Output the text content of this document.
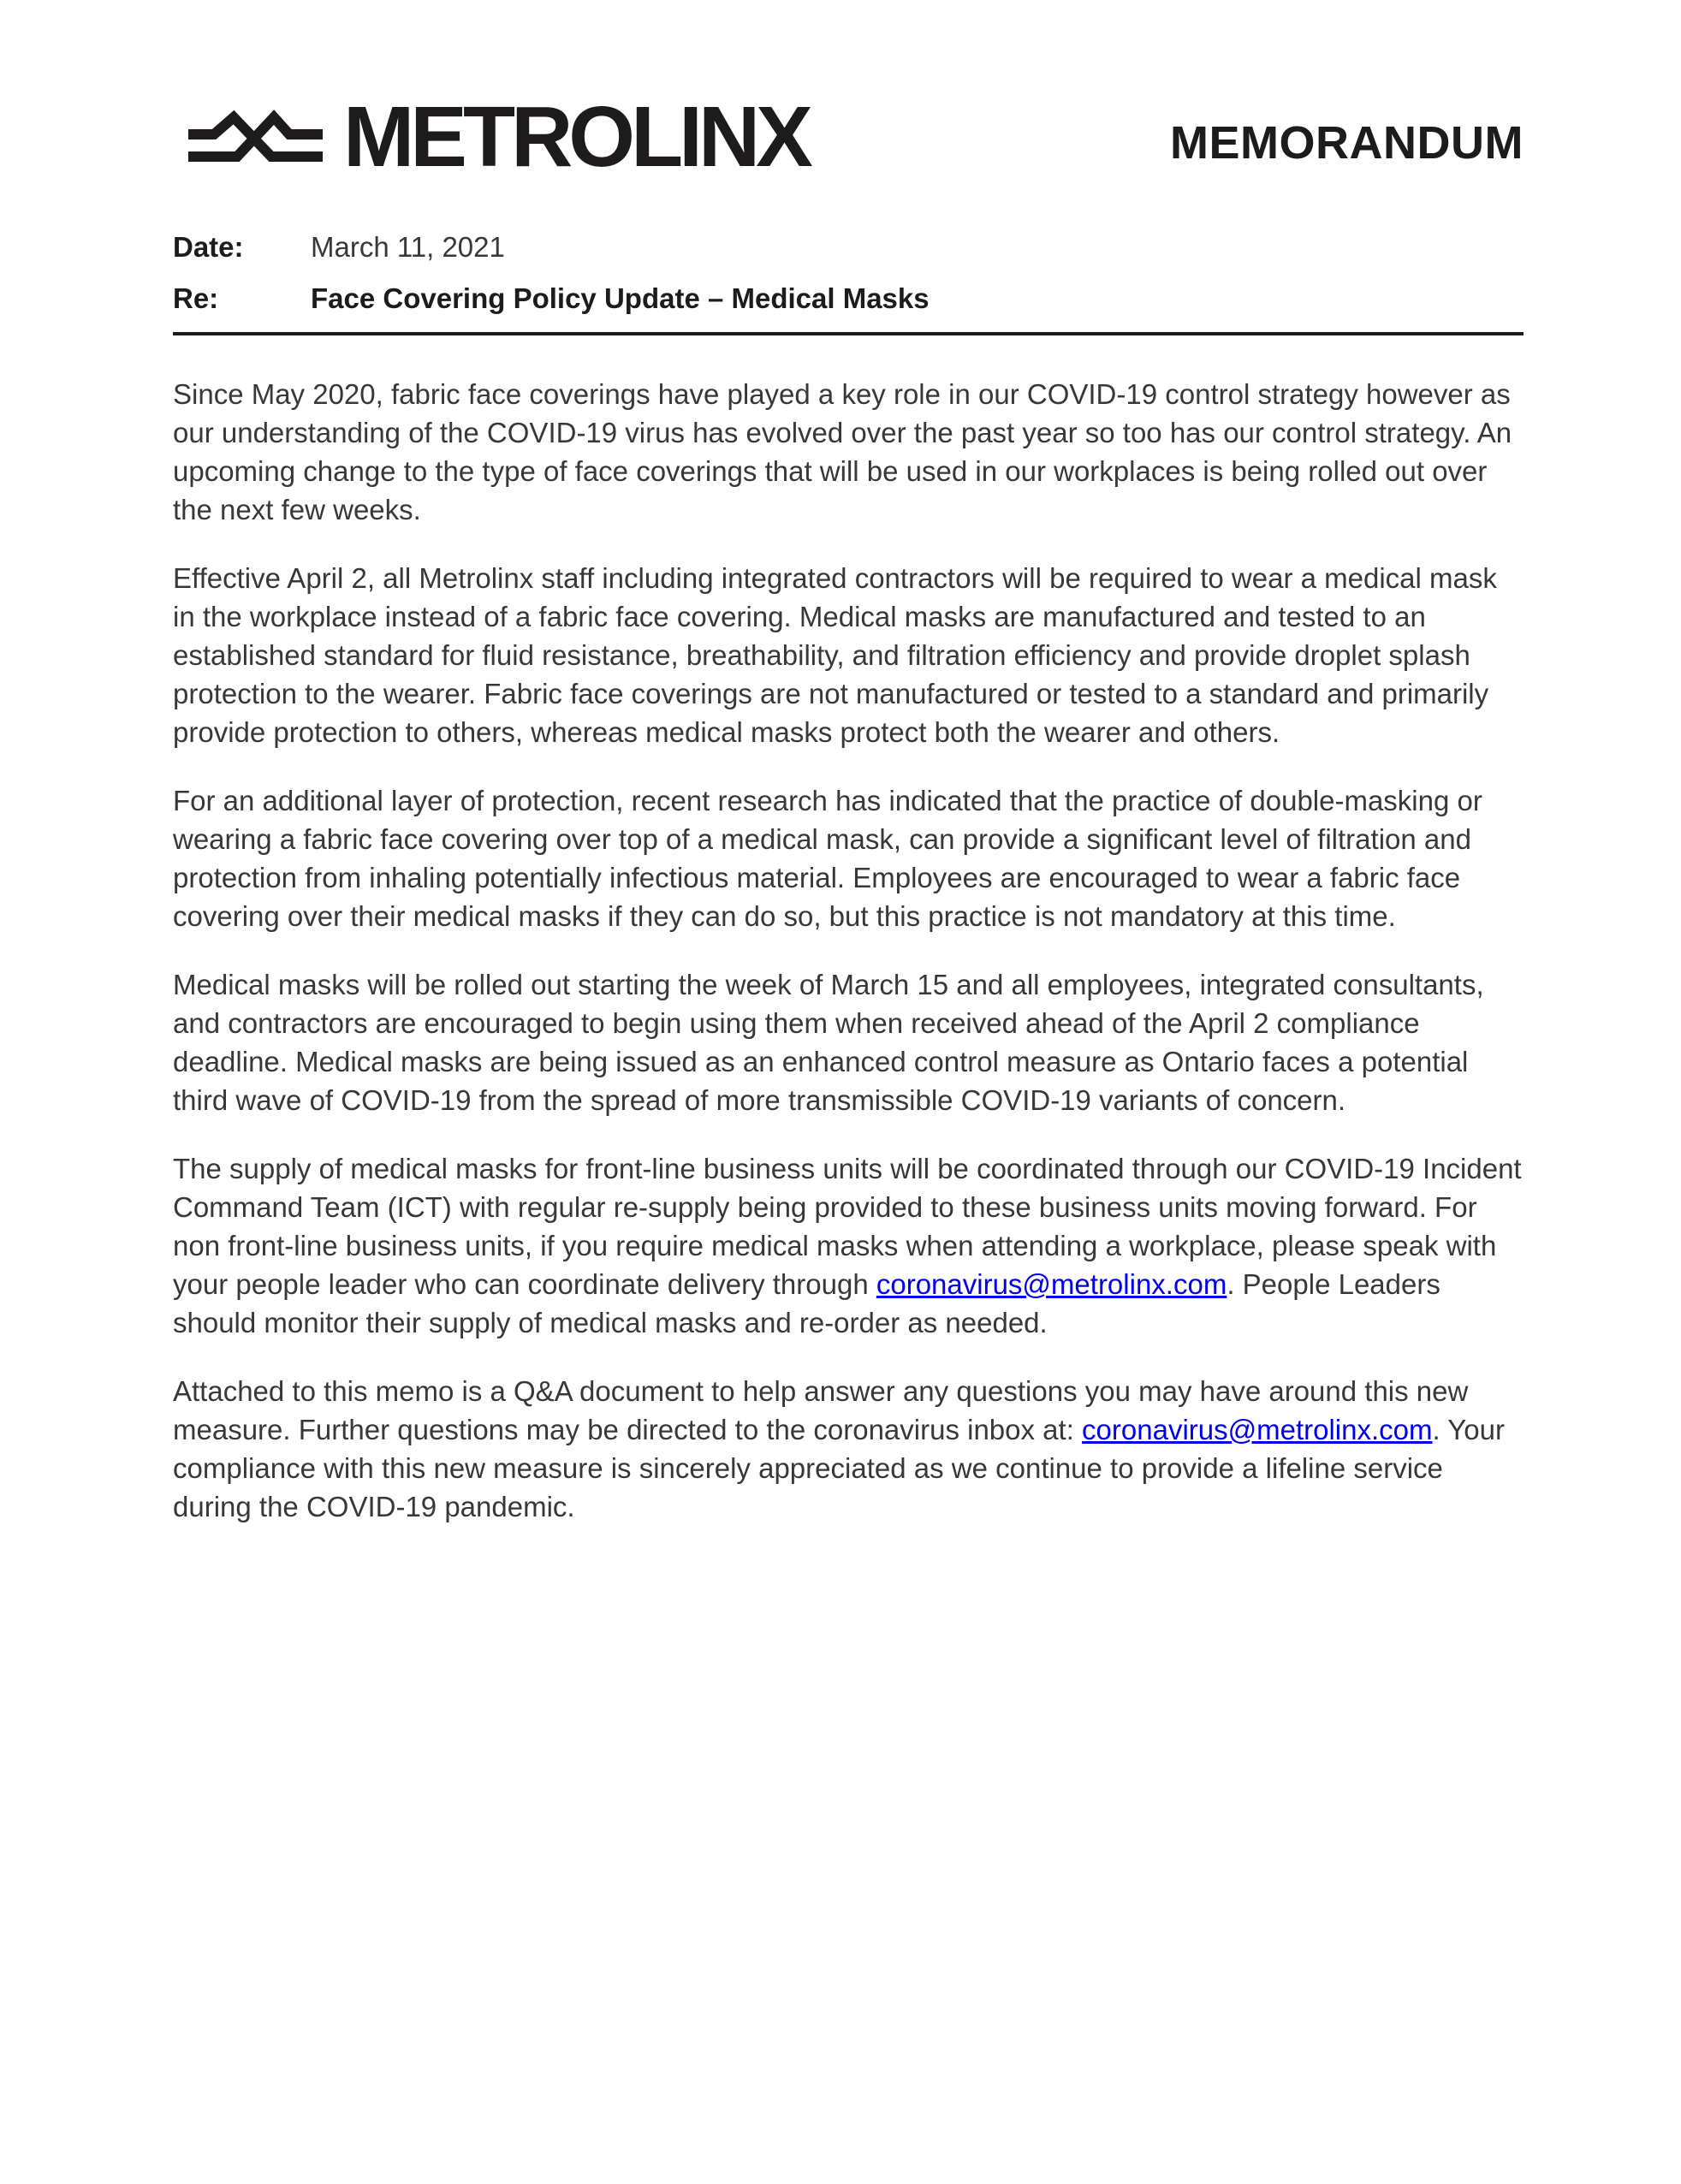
METROLINX	MEMORANDUM
Date:	March 11, 2021
Re:	Face Covering Policy Update – Medical Masks

Since May 2020, fabric face coverings have played a key role in our COVID-19 control strategy however as our understanding of the COVID-19 virus has evolved over the past year so too has our control strategy. An upcoming change to the type of face coverings that will be used in our workplaces is being rolled out over the next few weeks.

Effective April 2, all Metrolinx staff including integrated contractors will be required to wear a medical mask in the workplace instead of a fabric face covering. Medical masks are manufactured and tested to an established standard for fluid resistance, breathability, and filtration efficiency and provide droplet splash protection to the wearer. Fabric face coverings are not manufactured or tested to a standard and primarily provide protection to others, whereas medical masks protect both the wearer and others.

For an additional layer of protection, recent research has indicated that the practice of double-masking or wearing a fabric face covering over top of a medical mask, can provide a significant level of filtration and protection from inhaling potentially infectious material. Employees are encouraged to wear a fabric face covering over their medical masks if they can do so, but this practice is not mandatory at this time.

Medical masks will be rolled out starting the week of March 15 and all employees, integrated consultants, and contractors are encouraged to begin using them when received ahead of the April 2 compliance deadline. Medical masks are being issued as an enhanced control measure as Ontario faces a potential third wave of COVID-19 from the spread of more transmissible COVID-19 variants of concern.

The supply of medical masks for front-line business units will be coordinated through our COVID-19 Incident Command Team (ICT) with regular re-supply being provided to these business units moving forward. For non front-line business units, if you require medical masks when attending a workplace, please speak with your people leader who can coordinate delivery through coronavirus@metrolinx.com. People Leaders should monitor their supply of medical masks and re-order as needed.

Attached to this memo is a Q&A document to help answer any questions you may have around this new measure. Further questions may be directed to the coronavirus inbox at: coronavirus@metrolinx.com. Your compliance with this new measure is sincerely appreciated as we continue to provide a lifeline service during the COVID-19 pandemic.
